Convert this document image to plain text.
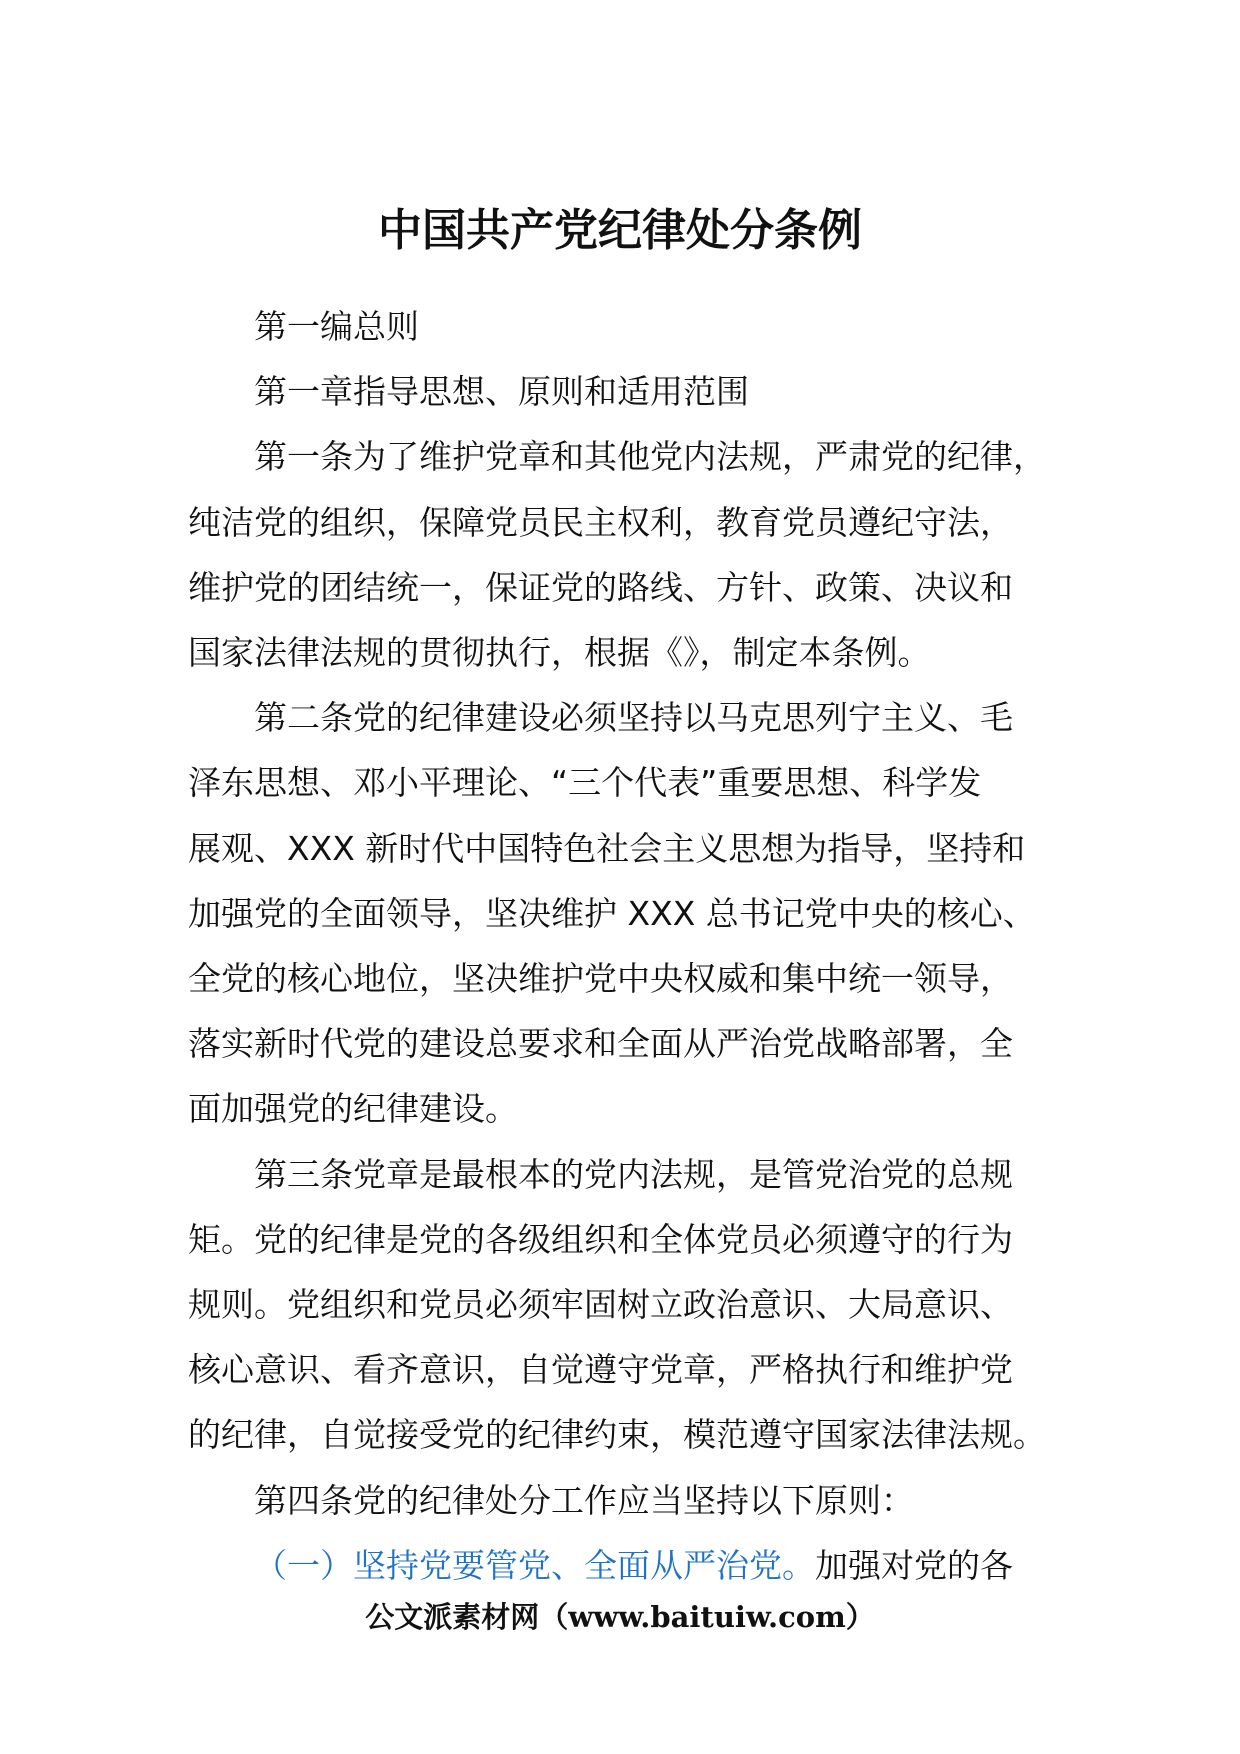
中国共产党纪律处分条例

第一编总则

第一章指导思想、原则和适用范围

第一条为了维护党章和其他党内法规，严肃党的纪律，

纯洁党的组织，保障党员民主权利，教育党员遵纪守法，

维护党的团结统一，保证党的路线、方针、政策、决议和

国家法律法规的贯彻执行，根据《》，制定本条例。

第二条党的纪律建设必须坚持以马克思列宁主义、毛

泽东思想、邓小平理论、“三个代表”重要思想、科学发

展观、XXX 新时代中国特色社会主义思想为指导，坚持和

加强党的全面领导，坚决维护 XXX 总书记党中央的核心、

全党的核心地位，坚决维护党中央权威和集中统一领导，

落实新时代党的建设总要求和全面从严治党战略部署，全

面加强党的纪律建设。

第三条党章是最根本的党内法规，是管党治党的总规

矩。党的纪律是党的各级组织和全体党员必须遵守的行为

规则。党组织和党员必须牢固树立政治意识、大局意识、

核心意识、看齐意识，自觉遵守党章，严格执行和维护党

的纪律，自觉接受党的纪律约束，模范遵守国家法律法规。

第四条党的纪律处分工作应当坚持以下原则：

（一）坚持党要管党、全面从严治党。加强对党的各

公文派素材网（www.baituiw.com）
